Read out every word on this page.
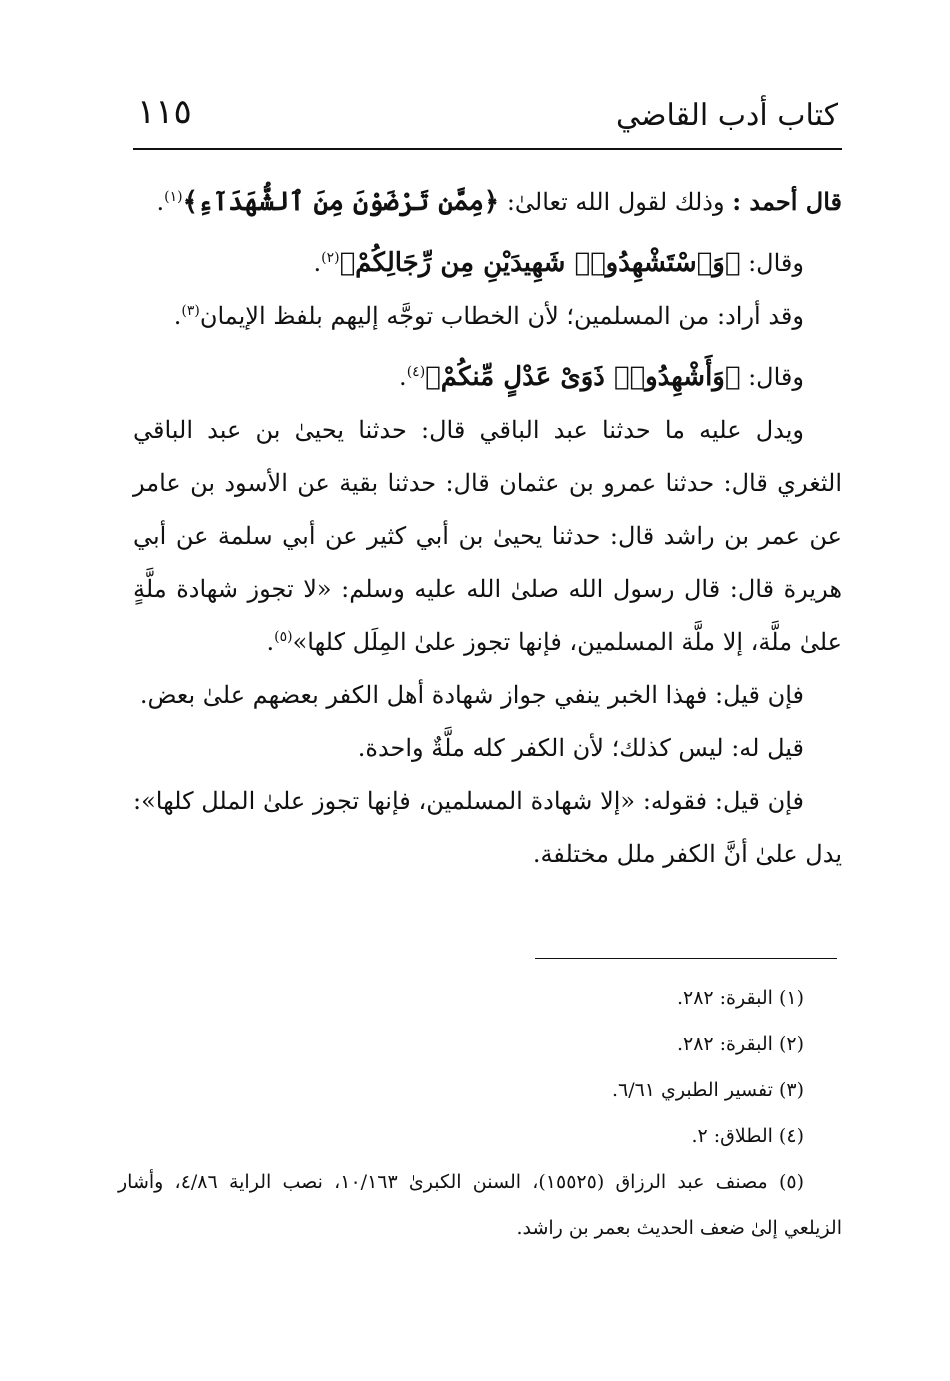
١١٥	كتاب أدب القاضي

قال أحمد : وذلك لقول الله تعالىٰ: ﴿مِمَّن تَرْضَوْنَ مِنَ ٱلشُّهَدَآءِ﴾$^{(١)}$.

وقال: ﴿وَٱسْتَشْهِدُوا۟ شَهِيدَيْنِ مِن رِّجَالِكُمْ﴾$^{(٢)}$.

وقد أراد: من المسلمين؛ لأن الخطاب توجَّه إليهم بلفظ الإيمان$^{(٣)}$.

وقال: ﴿وَأَشْهِدُوا۟ ذَوَىْ عَدْلٍ مِّنكُمْ﴾$^{(٤)}$.

ويدل عليه ما حدثنا عبد الباقي قال: حدثنا يحيىٰ بن عبد الباقي الثغري قال: حدثنا عمرو بن عثمان قال: حدثنا بقية عن الأسود بن عامر عن عمر بن راشد قال: حدثنا يحيىٰ بن أبي كثير عن أبي سلمة عن أبي هريرة قال: قال رسول الله صلىٰ الله عليه وسلم: «لا تجوز شهادة ملَّةٍ علىٰ ملَّة، إلا ملَّة المسلمين، فإنها تجوز علىٰ المِلَل كلها»$^{(٥)}$.

فإن قيل: فهذا الخبر ينفي جواز شهادة أهل الكفر بعضهم علىٰ بعض.

قيل له: ليس كذلك؛ لأن الكفر كله ملَّةٌ واحدة.

فإن قيل: فقوله: «إلا شهادة المسلمين، فإنها تجوز علىٰ الملل كلها»: يدل علىٰ أنَّ الكفر ملل مختلفة.

(١) البقرة: ٢٨٢.

(٢) البقرة: ٢٨٢.

(٣) تفسير الطبري ٦/٦١.

(٤) الطلاق: ٢.

(٥) مصنف عبد الرزاق (١٥٥٢٥)، السنن الكبرىٰ ١٠/١٦٣، نصب الراية ٤/٨٦، وأشار الزيلعي إلىٰ ضعف الحديث بعمر بن راشد.
